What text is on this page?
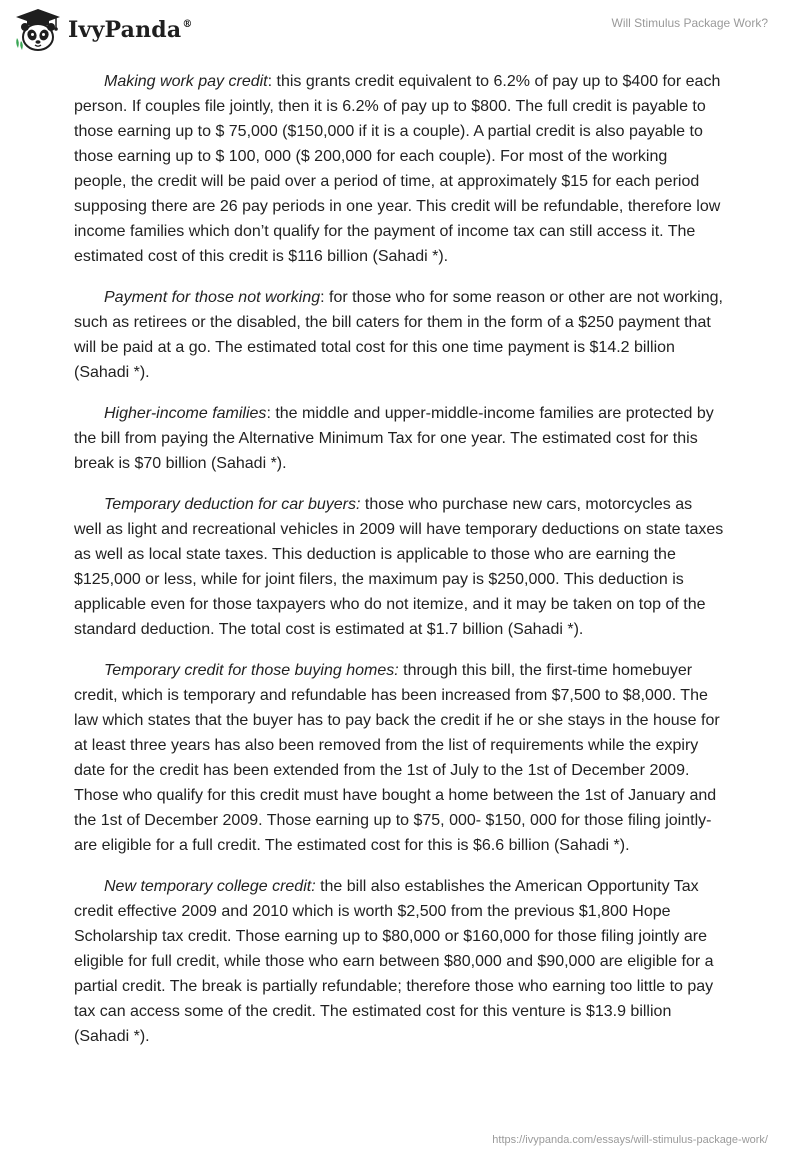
IvyPanda®	Will Stimulus Package Work?

Making work pay credit: this grants credit equivalent to 6.2% of pay up to $400 for each person. If couples file jointly, then it is 6.2% of pay up to $800. The full credit is payable to those earning up to $ 75,000 ($150,000 if it is a couple). A partial credit is also payable to those earning up to $ 100, 000 ($ 200,000 for each couple). For most of the working people, the credit will be paid over a period of time, at approximately $15 for each period supposing there are 26 pay periods in one year. This credit will be refundable, therefore low income families which don’t qualify for the payment of income tax can still access it. The estimated cost of this credit is $116 billion (Sahadi *).

Payment for those not working: for those who for some reason or other are not working, such as retirees or the disabled, the bill caters for them in the form of a $250 payment that will be paid at a go. The estimated total cost for this one time payment is $14.2 billion (Sahadi *).

Higher-income families: the middle and upper-middle-income families are protected by the bill from paying the Alternative Minimum Tax for one year. The estimated cost for this break is $70 billion (Sahadi *).

Temporary deduction for car buyers: those who purchase new cars, motorcycles as well as light and recreational vehicles in 2009 will have temporary deductions on state taxes as well as local state taxes. This deduction is applicable to those who are earning the $125,000 or less, while for joint filers, the maximum pay is $250,000. This deduction is applicable even for those taxpayers who do not itemize, and it may be taken on top of the standard deduction. The total cost is estimated at $1.7 billion (Sahadi *).

Temporary credit for those buying homes: through this bill, the first-time homebuyer credit, which is temporary and refundable has been increased from $7,500 to $8,000. The law which states that the buyer has to pay back the credit if he or she stays in the house for at least three years has also been removed from the list of requirements while the expiry date for the credit has been extended from the 1st of July to the 1st of December 2009. Those who qualify for this credit must have bought a home between the 1st of January and the 1st of December 2009. Those earning up to $75, 000- $150, 000 for those filing jointly- are eligible for a full credit. The estimated cost for this is $6.6 billion (Sahadi *).

New temporary college credit: the bill also establishes the American Opportunity Tax credit effective 2009 and 2010 which is worth $2,500 from the previous $1,800 Hope Scholarship tax credit. Those earning up to $80,000 or $160,000 for those filing jointly are eligible for full credit, while those who earn between $80,000 and $90,000 are eligible for a partial credit. The break is partially refundable; therefore those who earning too little to pay tax can access some of the credit. The estimated cost for this venture is $13.9 billion (Sahadi *).

https://ivypanda.com/essays/will-stimulus-package-work/
